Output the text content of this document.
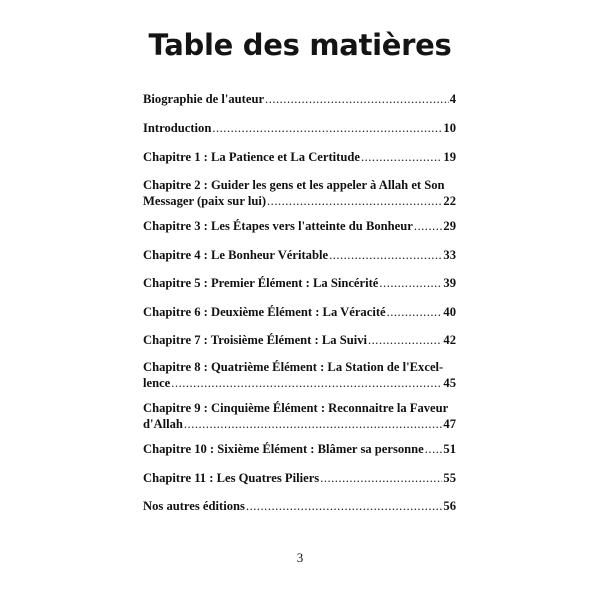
Table des matières
Biographie de l'auteur .....	4
Introduction .....	10
Chapitre 1 : La Patience et La Certitude .....	19
Chapitre 2 : Guider les gens et les appeler à Allah et Son
Messager (paix sur lui) .....	22
Chapitre 3 : Les Étapes vers l'atteinte du Bonheur ..... 29
Chapitre 4 : Le Bonheur Véritable .....	33
Chapitre 5 : Premier Élément : La Sincérité .....	39
Chapitre 6 : Deuxième Élément : La Véracité .....	40
Chapitre 7 : Troisième Élément : La Suivi .....	42
Chapitre 8 : Quatrième Élément : La Station de l'Excel-
lence .....	45
Chapitre 9 : Cinquième Élément : Reconnaitre la Faveur
d'Allah .....	47
Chapitre 10 : Sixième Élément : Blâmer sa personne ..... 51
Chapitre 11 : Les Quatres Piliers .....	55
Nos autres éditions .....	56
3
